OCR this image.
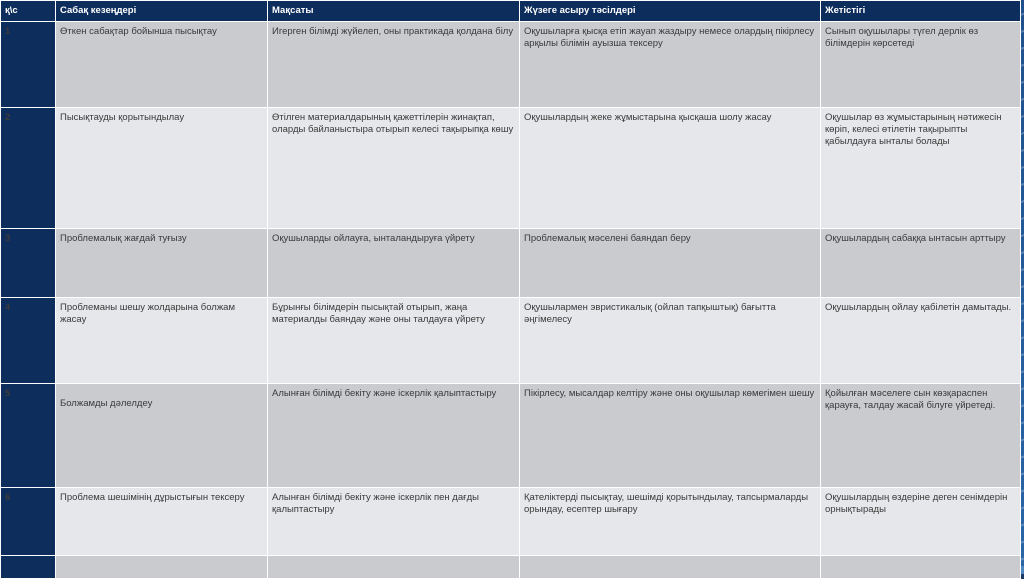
қ\с	Сабақ кезеңдері	Мақсаты	Жүзеге асыру тәсілдері	Жетістігі
1	Өткен сабақтар бойынша пысықтау	Игерген білімді жүйелеп, оны практикада қолдана білу	Оқушыларға қысқа етіп жауап жаздыру немесе олардың пікірлесу арқылы білімін ауызша тексеру	Сынып оқушылары түгел дерлік өз білімдерін көрсетеді
2	Пысықтауды қорытындылау	Өтілген материалдарының қажеттілерін жинақтап, оларды байланыстыра отырып келесі тақырыпқа көшу	Оқушылардың жеке жұмыстарына қысқаша шолу жасау	Оқушылар өз жұмыстарының нәтижесін көріп, келесі өтілетін тақырыпты қабылдауға ынталы болады
3	Проблемалық жағдай туғызу	Оқушыларды ойлауға, ынталандыруға үйрету	Проблемалық мәселені баяндап беру	Оқушылардың сабаққа ынтасын арттыру
4	Проблеманы шешу жолдарына болжам жасау	Бұрынғы білімдерін пысықтай отырып, жаңа материалды баяндау және оны талдауға үйрету	Оқушылармен эвристикалық (ойлап тапқыштық) бағытта әңгімелесу	Оқушылардың ойлау қабілетін дамытады.
5	Болжамды дәлелдеу	Алынған білімді бекіту және іскерлік қалыптастыру	Пікірлесу, мысалдар келтіру және оны оқушылар көмегімен шешу	Қойылған мәселеге сын көзқараспен қарауға, талдау жасай білуге үйретеді.
6	Проблема шешімінің дұрыстығын тексеру	Алынған білімді бекіту және іскерлік пен дағды қалыптастыру	Қателіктерді пысықтау, шешімді қорытындылау, тапсырмаларды орындау, есептер шығару	Оқушылардың өздеріне деген сенімдерін орнықтырады
